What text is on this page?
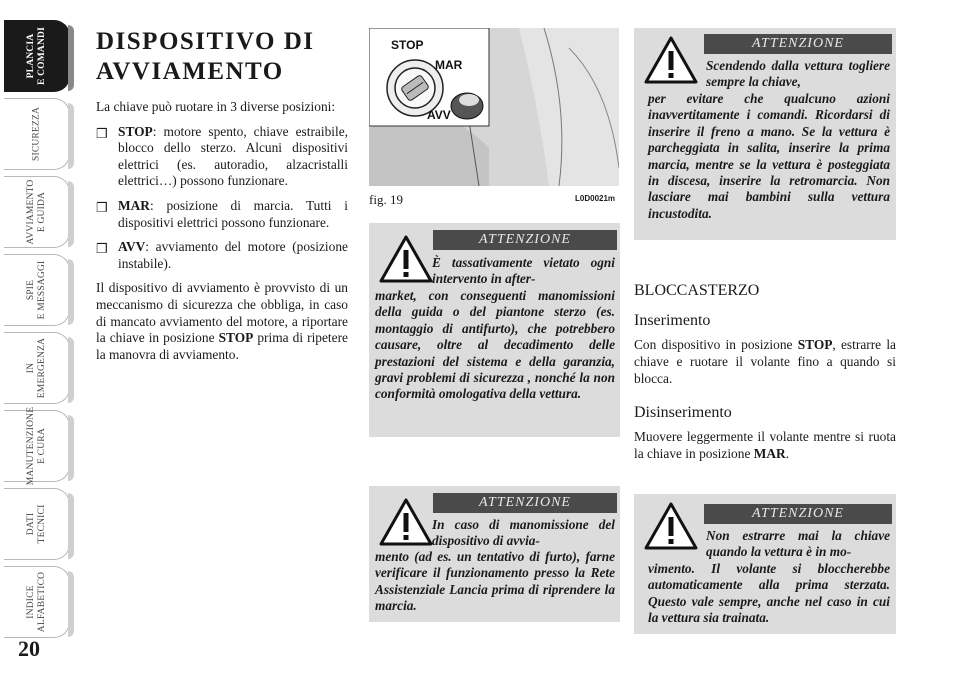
PLANCIA
E COMANDI
SICUREZZA
AVVIAMENTO
E GUIDA
SPIE
E MESSAGGI
IN
EMERGENZA
MANUTENZIONE
E CURA
DATI
TECNICI
INDICE
ALFABETICO
20
DISPOSITIVO DI
AVVIAMENTO

La chiave può ruotare in 3 diverse posizioni:

❒ STOP: motore spento, chiave estraibile, blocco dello sterzo. Alcuni dispositivi elettrici (es. autoradio, alzacristalli elettrici…) possono funzionare.
❒ MAR: posizione di marcia. Tutti i dispositivi elettrici possono funzionare.
❒ AVV: avviamento del motore (posizione instabile).

Il dispositivo di avviamento è provvisto di un meccanismo di sicurezza che obbliga, in caso di mancato avviamento del motore, a riportare la chiave in posizione STOP prima di ripetere la manovra di avviamento.

STOP
MAR
AVV
fig. 19	L0D0021m
ATTENZIONE
È tassativamente vietato ogni intervento in after-
market, con conseguenti manomissioni della guida o del piantone sterzo (es. montaggio di antifurto), che potrebbero causare, oltre al decadimento delle prestazioni del sistema e della garanzia, gravi problemi di sicurezza , nonché la non conformità omologativa della vettura.
ATTENZIONE
In caso di manomissione del dispositivo di avvia-
mento (ad es. un tentativo di furto), farne verificare il funzionamento presso la Rete Assistenziale Lancia prima di riprendere la marcia.
ATTENZIONE
Scendendo dalla vettura togliere sempre la chiave,
per evitare che qualcuno azioni inavvertitamente i comandi. Ricordarsi di inserire il freno a mano. Se la vettura è parcheggiata in salita, inserire la prima marcia, mentre se la vettura è posteggiata in discesa, inserire la retromarcia. Non lasciare mai bambini sulla vettura incustodita.
BLOCCASTERZO
Inserimento

Con dispositivo in posizione STOP, estrarre la chiave e ruotare il volante fino a quando si blocca.

Disinserimento

Muovere leggermente il volante mentre si ruota la chiave in posizione MAR.

ATTENZIONE
Non estrarre mai la chiave quando la vettura è in mo-
vimento. Il volante si bloccherebbe automaticamente alla prima sterzata. Questo vale sempre, anche nel caso in cui la vettura sia trainata.
